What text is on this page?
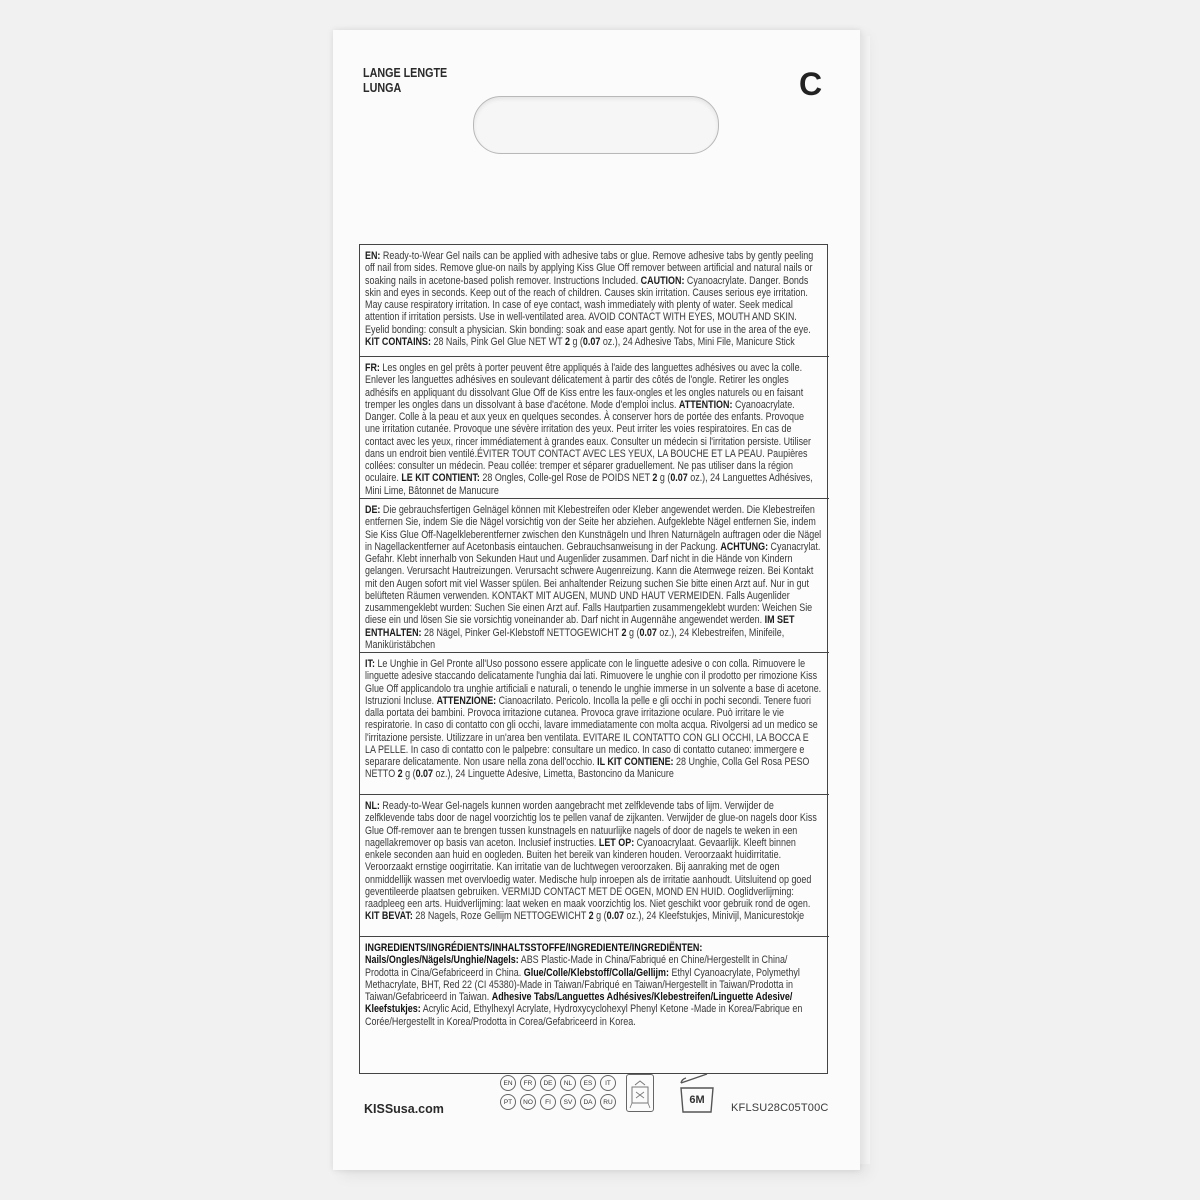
LANGE LENGTE
LUNGA	C
EN: Ready-to-Wear Gel nails can be applied with adhesive tabs or glue. Remove adhesive tabs by gently peeling off nail from sides. Remove glue-on nails by applying Kiss Glue Off remover between artificial and natural nails or soaking nails in acetone-based polish remover. Instructions Included. CAUTION: Cyanoacrylate. Danger. Bonds skin and eyes in seconds. Keep out of the reach of children. Causes skin irritation. Causes serious eye irritation. May cause respiratory irritation. In case of eye contact, wash immediately with plenty of water. Seek medical attention if irritation persists. Use in well-ventilated area. AVOID CONTACT WITH EYES, MOUTH AND SKIN. Eyelid bonding: consult a physician. Skin bonding: soak and ease apart gently. Not for use in the area of the eye. KIT CONTAINS: 28 Nails, Pink Gel Glue NET WT 2 g (0.07 oz.), 24 Adhesive Tabs, Mini File, Manicure Stick
FR: Les ongles en gel prêts à porter peuvent être appliqués à l'aide des languettes adhésives ou avec la colle. Enlever les languettes adhésives en soulevant délicatement à partir des côtés de l'ongle. Retirer les ongles adhésifs en appliquant du dissolvant Glue Off de Kiss entre les faux-ongles et les ongles naturels ou en faisant tremper les ongles dans un dissolvant à base d'acétone. Mode d'emploi inclus. ATTENTION: Cyanoacrylate. Danger. Colle à la peau et aux yeux en quelques secondes. À conserver hors de portée des enfants. Provoque une irritation cutanée. Provoque une sévère irritation des yeux. Peut irriter les voies respiratoires. En cas de contact avec les yeux, rincer immédiatement à grandes eaux. Consulter un médecin si l'irritation persiste. Utiliser dans un endroit bien ventilé.ÉVITER TOUT CONTACT AVEC LES YEUX, LA BOUCHE ET LA PEAU. Paupières collées: consulter un médecin. Peau collée: tremper et séparer graduellement. Ne pas utiliser dans la région oculaire. LE KIT CONTIENT: 28 Ongles, Colle-gel Rose de POIDS NET 2 g (0.07 oz.), 24 Languettes Adhésives, Mini Lime, Bâtonnet de Manucure
DE: Die gebrauchsfertigen Gelnägel können mit Klebestreifen oder Kleber angewendet werden. Die Klebestreifen entfernen Sie, indem Sie die Nägel vorsichtig von der Seite her abziehen. Aufgeklebte Nägel entfernen Sie, indem Sie Kiss Glue Off-Nagelkleberentferner zwischen den Kunstnägeln und Ihren Naturnägeln auftragen oder die Nägel in Nagellackentferner auf Acetonbasis eintauchen. Gebrauchsanweisung in der Packung. ACHTUNG: Cyanacrylat. Gefahr. Klebt innerhalb von Sekunden Haut und Augenlider zusammen. Darf nicht in die Hände von Kindern gelangen. Verursacht Hautreizungen. Verursacht schwere Augenreizung. Kann die Atemwege reizen. Bei Kontakt mit den Augen sofort mit viel Wasser spülen. Bei anhaltender Reizung suchen Sie bitte einen Arzt auf. Nur in gut belüfteten Räumen verwenden. KONTAKT MIT AUGEN, MUND UND HAUT VERMEIDEN. Falls Augenlider zusammengeklebt wurden: Suchen Sie einen Arzt auf. Falls Hautpartien zusammengeklebt wurden: Weichen Sie diese ein und lösen Sie sie vorsichtig voneinander ab. Darf nicht in Augennähe angewendet werden. IM SET ENTHALTEN: 28 Nägel, Pinker Gel-Klebstoff NETTOGEWICHT 2 g (0.07 oz.), 24 Klebestreifen, Minifeile, Maniküristäbchen
IT: Le Unghie in Gel Pronte all'Uso possono essere applicate con le linguette adesive o con colla. Rimuovere le linguette adesive staccando delicatamente l'unghia dai lati. Rimuovere le unghie con il prodotto per rimozione Kiss Glue Off applicandolo tra unghie artificiali e naturali, o tenendo le unghie immerse in un solvente a base di acetone. Istruzioni Incluse. ATTENZIONE: Cianoacrilato. Pericolo. Incolla la pelle e gli occhi in pochi secondi. Tenere fuori dalla portata dei bambini. Provoca irritazione cutanea. Provoca grave irritazione oculare. Può irritare le vie respiratorie. In caso di contatto con gli occhi, lavare immediatamente con molta acqua. Rivolgersi ad un medico se l'irritazione persiste. Utilizzare in un'area ben ventilata. EVITARE IL CONTATTO CON GLI OCCHI, LA BOCCA E LA PELLE. In caso di contatto con le palpebre: consultare un medico. In caso di contatto cutaneo: immergere e separare delicatamente. Non usare nella zona dell'occhio. IL KIT CONTIENE: 28 Unghie, Colla Gel Rosa PESO NETTO 2 g (0.07 oz.), 24 Linguette Adesive, Limetta, Bastoncino da Manicure
NL: Ready-to-Wear Gel-nagels kunnen worden aangebracht met zelfklevende tabs of lijm. Verwijder de zelfklevende tabs door de nagel voorzichtig los te pellen vanaf de zijkanten. Verwijder de glue-on nagels door Kiss Glue Off-remover aan te brengen tussen kunstnagels en natuurlijke nagels of door de nagels te weken in een nagellakremover op basis van aceton. Inclusief instructies. LET OP: Cyanoacrylaat. Gevaarlijk. Kleeft binnen enkele seconden aan huid en oogleden. Buiten het bereik van kinderen houden. Veroorzaakt huidirritatie. Veroorzaakt ernstige oogirritatie. Kan irritatie van de luchtwegen veroorzaken. Bij aanraking met de ogen onmiddellijk wassen met overvloedig water. Medische hulp inroepen als de irritatie aanhoudt. Uitsluitend op goed geventileerde plaatsen gebruiken. VERMIJD CONTACT MET DE OGEN, MOND EN HUID. Ooglidverlijming: raadpleeg een arts. Huidverlijming: laat weken en maak voorzichtig los. Niet geschikt voor gebruik rond de ogen. KIT BEVAT: 28 Nagels, Roze Gellijm NETTOGEWICHT 2 g (0.07 oz.), 24 Kleefstukjes, Minivijl, Manicurestokje
INGREDIENTS/INGRÉDIENTS/INHALTSSTOFFE/INGREDIENTE/INGREDIËNTEN:
Nails/Ongles/Nägels/Unghie/Nagels: ABS Plastic-Made in China/Fabriqué en Chine/Hergestellt in China/ Prodotta in Cina/Gefabriceerd in China. Glue/Colle/Klebstoff/Colla/Gellijm: Ethyl Cyanoacrylate, Polymethyl Methacrylate, BHT, Red 22 (CI 45380)-Made in Taiwan/Fabriqué en Taiwan/Hergestellt in Taiwan/Prodotta in Taiwan/Gefabriceerd in Taiwan. Adhesive Tabs/Languettes Adhésives/Klebestreifen/Linguette Adesive/ Kleefstukjes: Acrylic Acid, Ethylhexyl Acrylate, Hydroxycyclohexyl Phenyl Ketone -Made in Korea/Fabrique en Corée/Hergestellt in Korea/Prodotta in Corea/Gefabriceerd in Korea.
KISSusa.com
EN	FR	DE	NL	ES	IT
PT	NO	FI	SV	DA	RU	6M
KFLSU28C05T00C
